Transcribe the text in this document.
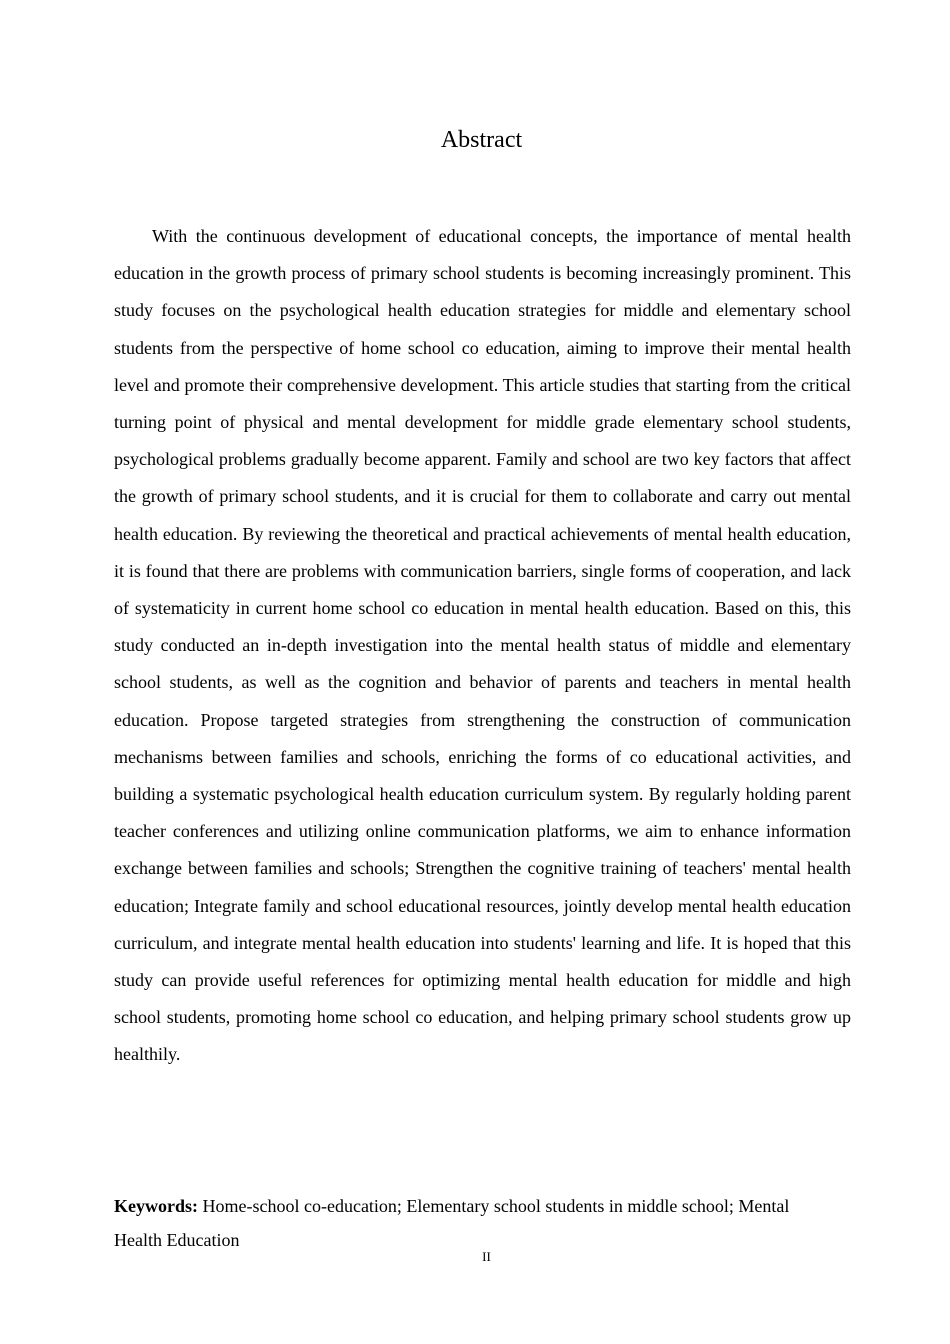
Abstract

With the continuous development of educational concepts, the importance of mental health education in the growth process of primary school students is becoming increasingly prominent. This study focuses on the psychological health education strategies for middle and elementary school students from the perspective of home school co education, aiming to improve their mental health level and promote their comprehensive development. This article studies that starting from the critical turning point of physical and mental development for middle grade elementary school students, psychological problems gradually become apparent. Family and school are two key factors that affect the growth of primary school students, and it is crucial for them to collaborate and carry out mental health education. By reviewing the theoretical and practical achievements of mental health education, it is found that there are problems with communication barriers, single forms of cooperation, and lack of systematicity in current home school co education in mental health education. Based on this, this study conducted an in-depth investigation into the mental health status of middle and elementary school students, as well as the cognition and behavior of parents and teachers in mental health education. Propose targeted strategies from strengthening the construction of communication mechanisms between families and schools, enriching the forms of co educational activities, and building a systematic psychological health education curriculum system. By regularly holding parent teacher conferences and utilizing online communication platforms, we aim to enhance information exchange between families and schools; Strengthen the cognitive training of teachers' mental health education; Integrate family and school educational resources, jointly develop mental health education curriculum, and integrate mental health education into students' learning and life. It is hoped that this study can provide useful references for optimizing mental health education for middle and high school students, promoting home school co education, and helping primary school students grow up healthily.

Keywords: Home-school co-education; Elementary school students in middle school; Mental Health Education

II
